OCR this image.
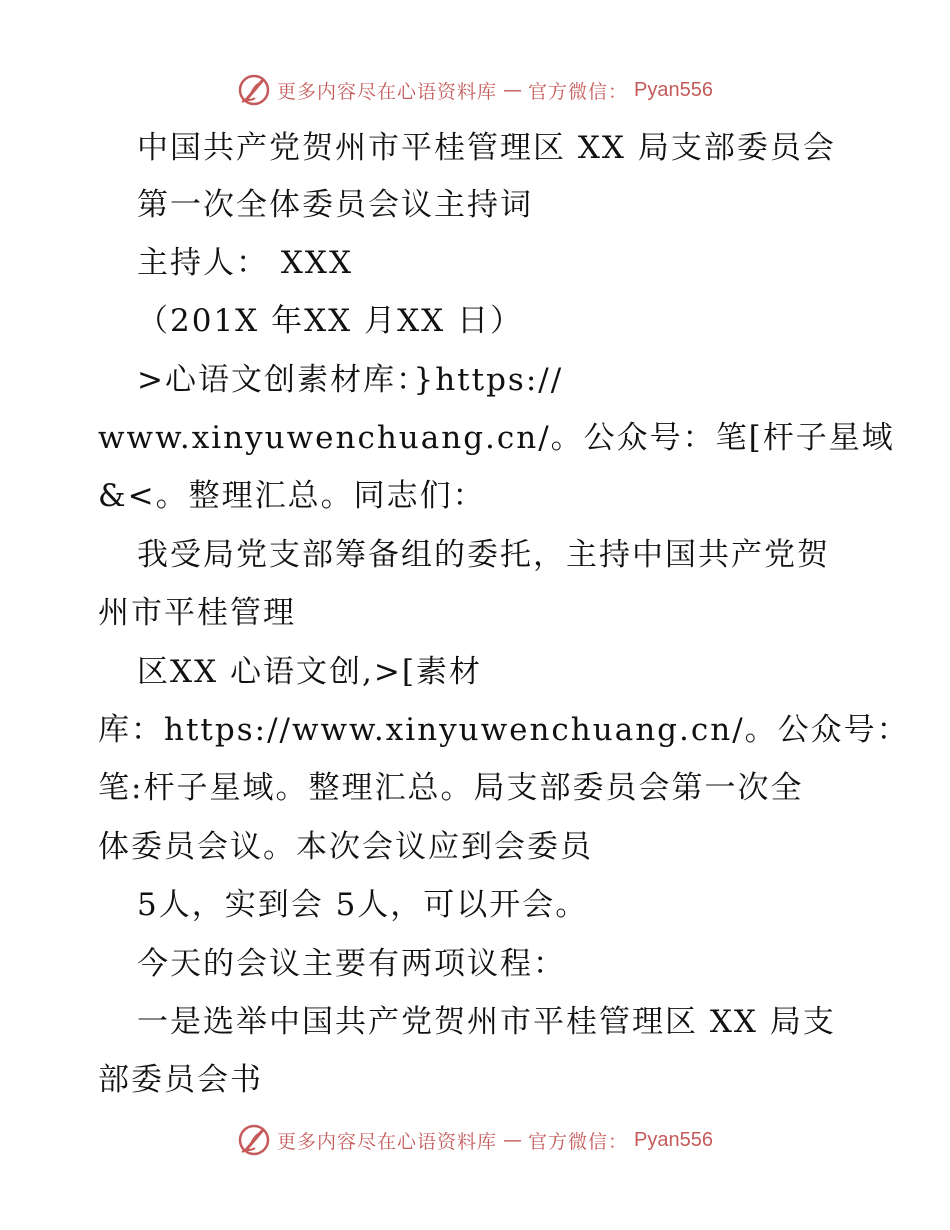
更多内容尽在心语资料库 — 官方微信： Pyan556
中国共产党贺州市平桂管理区 XX 局支部委员会
第一次全体委员会议主持词
主持人： XXX
（201X 年XX 月XX 日）
>心语文创素材库：}https://
www.xinyuwenchuang.cn/。公众号：笔[杆子星域
&<。整理汇总。同志们：
我受局党支部筹备组的委托，主持中国共产党贺
州市平桂管理
区XX 心语文创,>[素材
库：https://www.xinyuwenchuang.cn/。公众号：
笔:杆子星域。整理汇总。局支部委员会第一次全
体委员会议。本次会议应到会委员
5人，实到会 5人，可以开会。
今天的会议主要有两项议程：
一是选举中国共产党贺州市平桂管理区 XX 局支
部委员会书
更多内容尽在心语资料库 — 官方微信： Pyan556
